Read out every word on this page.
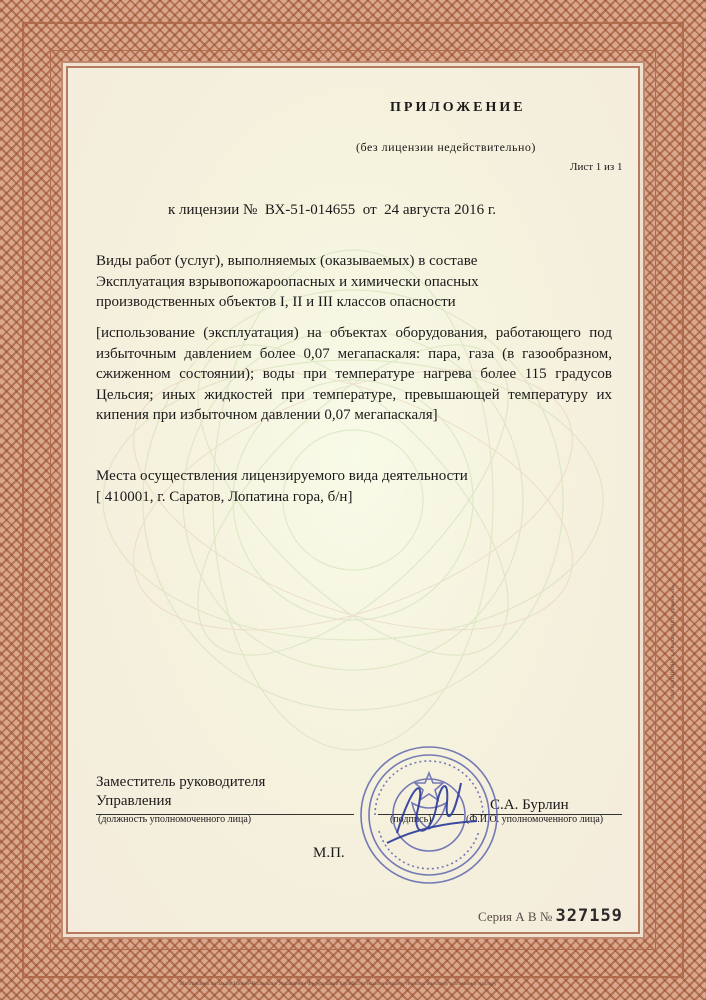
ПРИЛОЖЕНИЕ
(без лицензии недействительно)
Лист 1 из 1
к лицензии № ВХ-51-014655 от 24 августа 2016 г.
Виды работ (услуг), выполняемых (оказываемых) в составе
Эксплуатация взрывопожароопасных и химически опасных
производственных объектов I, II и III классов опасности
[использование (эксплуатация) на объектах оборудования, работающего под избыточным давлением более 0,07 мегапаскаля: пара, газа (в газообразном, сжиженном состоянии); воды при температуре нагрева более 115 градусов Цельсия; иных жидкостей при температуре, превышающей температуру их кипения при избыточном давлении 0,07 мегапаскаля]
Места осуществления лицензируемого вида деятельности
[ 410001, г. Саратов, Лопатина гора, б/н]
Заместитель руководителя
Управления
(должность уполномоченного лица)	(подпись)	(Ф.И.О. уполномоченного лица)
С.А. Бурлин
М.П.
Серия А В № 327159
Изготовлено по заказу Нижне-Волжского Управления Федеральной службы по экологическому, технологическому и атомному надзору
ЗАО «ОПЦИОН», г. Москва, 2016 г., уровень «Б»
